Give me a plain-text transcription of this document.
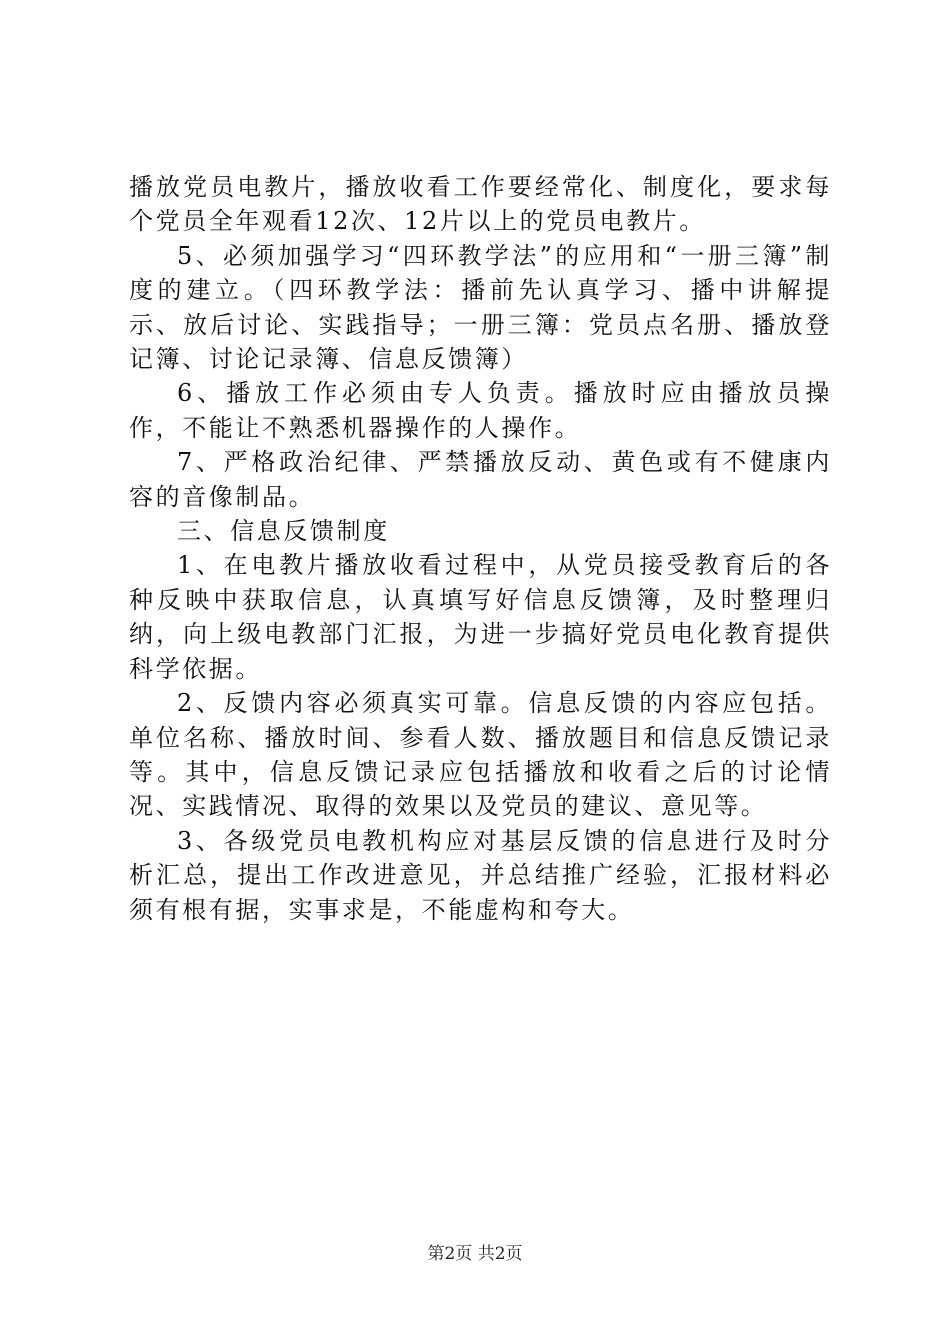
播放党员电教片，播放收看工作要经常化、制度化，要求每个党员全年观看12次、12片以上的党员电教片。

5、必须加强学习“四环教学法”的应用和“一册三簿”制度的建立。（四环教学法：播前先认真学习、播中讲解提示、放后讨论、实践指导；一册三簿：党员点名册、播放登记簿、讨论记录簿、信息反馈簿）

6、播放工作必须由专人负责。播放时应由播放员操作，不能让不熟悉机器操作的人操作。

7、严格政治纪律、严禁播放反动、黄色或有不健康内容的音像制品。

三、信息反馈制度

1、在电教片播放收看过程中，从党员接受教育后的各种反映中获取信息，认真填写好信息反馈簿，及时整理归纳，向上级电教部门汇报，为进一步搞好党员电化教育提供科学依据。

2、反馈内容必须真实可靠。信息反馈的内容应包括。单位名称、播放时间、参看人数、播放题目和信息反馈记录等。其中，信息反馈记录应包括播放和收看之后的讨论情况、实践情况、取得的效果以及党员的建议、意见等。

3、各级党员电教机构应对基层反馈的信息进行及时分析汇总，提出工作改进意见，并总结推广经验，汇报材料必须有根有据，实事求是，不能虚构和夸大。

第2页 共2页
